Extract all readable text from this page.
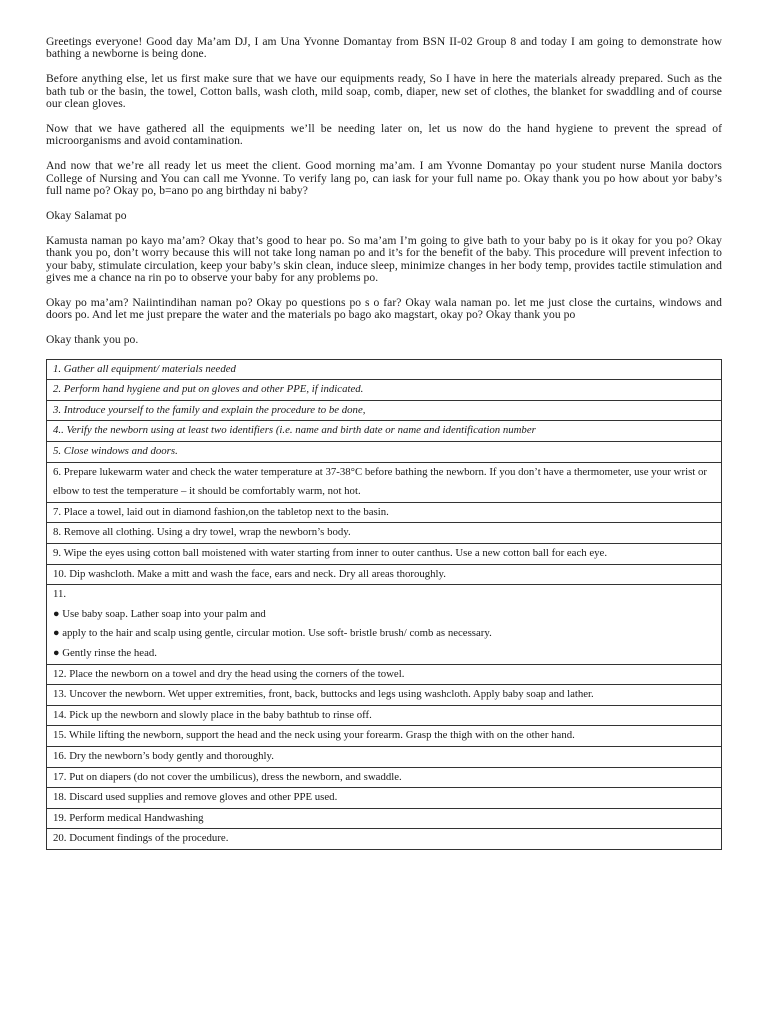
Greetings everyone! Good day Ma’am DJ, I am Una Yvonne Domantay from BSN II-02 Group 8 and today I am going to demonstrate how bathing a newborne is being done.

Before anything else, let us first make sure that we have our equipments ready, So I have in here the materials already prepared. Such as the bath tub or the basin, the towel, Cotton balls, wash cloth, mild soap, comb, diaper, new set of clothes, the blanket for swaddling and of course our clean gloves.

Now that we have gathered all the equipments we’ll be needing later on, let us now do the hand hygiene to prevent the spread of microorganisms and avoid contamination.

And now that we’re all ready let us meet the client. Good morning ma’am. I am Yvonne Domantay po your student nurse Manila doctors College of Nursing and You can call me Yvonne. To verify lang po, can iask for your full name po. Okay thank you po how about yor baby’s full name po? Okay po, b=ano po ang birthday ni baby?

Okay Salamat po

Kamusta naman po kayo ma’am? Okay that’s good to hear po. So ma’am I’m going to give bath to your baby po is it okay for you po? Okay thank you po, don’t worry because this will not take long naman po and it’s for the benefit of the baby. This procedure will prevent infection to your baby, stimulate circulation, keep your baby’s skin clean, induce sleep, minimize changes in her body temp, provides tactile stimulation and gives me a chance na rin po to observe your baby for any problems po.

Okay po ma’am? Naiintindihan naman po? Okay po questions po s o far? Okay wala naman po. let me just close the curtains, windows and doors po. And let me just prepare the water and the materials po bago ako magstart, okay po? Okay thank you po

Okay thank you po.

1. Gather all equipment/ materials needed
2. Perform hand hygiene and put on gloves and other PPE, if indicated.
3. Introduce yourself to the family and explain the procedure to be done,
4.. Verify the newborn using at least two identifiers (i.e. name and birth date or name and identification number
5. Close windows and doors.
6. Prepare lukewarm water and check the water temperature at 37-38°C before bathing the newborn. If you don’t have a thermometer, use your wrist or elbow to test the temperature – it should be comfortably warm, not hot.
7. Place a towel, laid out in diamond fashion,on the tabletop next to the basin.
8. Remove all clothing. Using a dry towel, wrap the newborn’s body.
9. Wipe the eyes using cotton ball moistened with water starting from inner to outer canthus. Use a new cotton ball for each eye.
10. Dip washcloth. Make a mitt and wash the face, ears and neck. Dry all areas thoroughly.

11.
● Use baby soap. Lather soap into your palm and
● apply to the hair and scalp using gentle, circular motion. Use soft- bristle brush/ comb as necessary.
● Gently rinse the head.

12. Place the newborn on a towel and dry the head using the corners of the towel.
13. Uncover the newborn. Wet upper extremities, front, back, buttocks and legs using washcloth. Apply baby soap and lather.
14. Pick up the newborn and slowly place in the baby bathtub to rinse off.
15. While lifting the newborn, support the head and the neck using your forearm. Grasp the thigh with on the other hand.
16. Dry the newborn’s body gently and thoroughly.
17. Put on diapers (do not cover the umbilicus), dress the newborn, and swaddle.
18. Discard used supplies and remove gloves and other PPE used.
19. Perform medical Handwashing
20. Document findings of the procedure.
